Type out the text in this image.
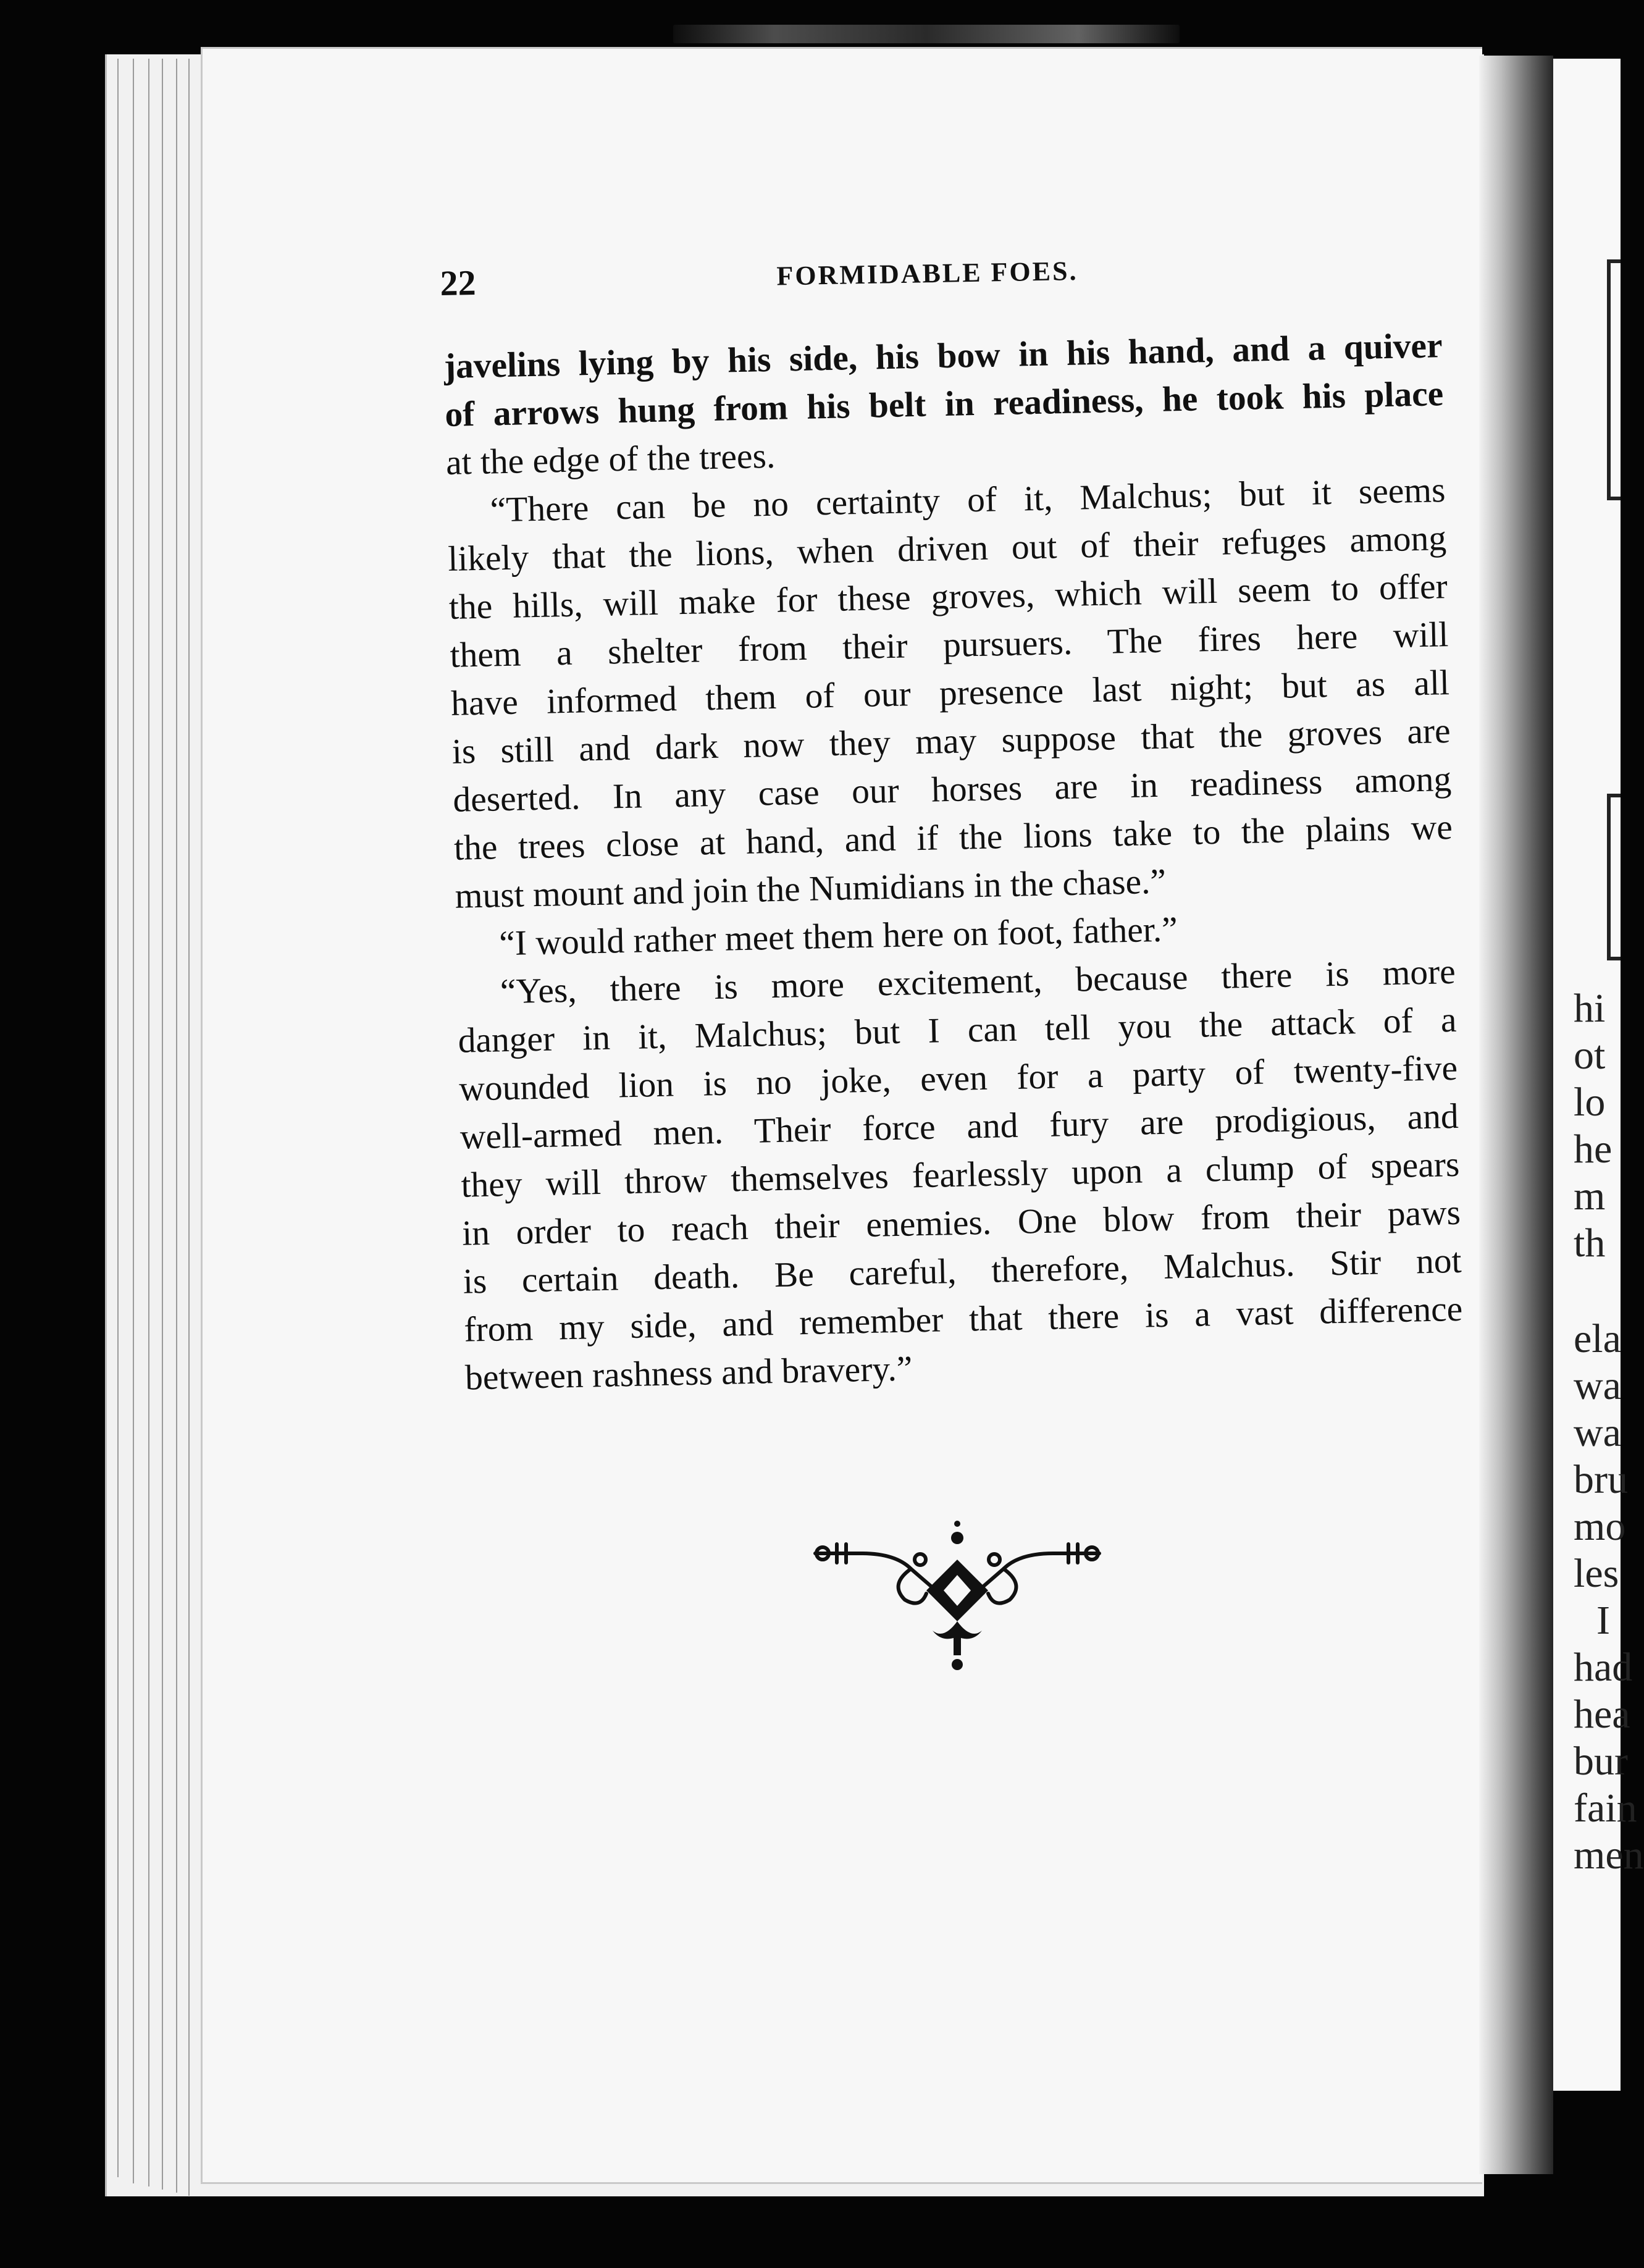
hi
ot
lo
he
m
th
ela
wa
wa
bru
mo
les
I
had
hea
bur
fain
men
22	FORMIDABLE FOES.
javelins lying by his side, his bow in his hand, and a quiver
of arrows hung from his belt in readiness, he took his place
at the edge of the trees.
“There can be no certainty of it, Malchus; but it seems
likely that the lions, when driven out of their refuges among
the hills, will make for these groves, which will seem to offer
them a shelter from their pursuers. The fires here will
have informed them of our presence last night; but as all
is still and dark now they may suppose that the groves are
deserted. In any case our horses are in readiness among
the trees close at hand, and if the lions take to the plains we
must mount and join the Numidians in the chase.”
“I would rather meet them here on foot, father.”
“Yes, there is more excitement, because there is more
danger in it, Malchus; but I can tell you the attack of a
wounded lion is no joke, even for a party of twenty-five
well-armed men. Their force and fury are prodigious, and
they will throw themselves fearlessly upon a clump of spears
in order to reach their enemies. One blow from their paws
is certain death. Be careful, therefore, Malchus. Stir not
from my side, and remember that there is a vast difference
between rashness and bravery.”
